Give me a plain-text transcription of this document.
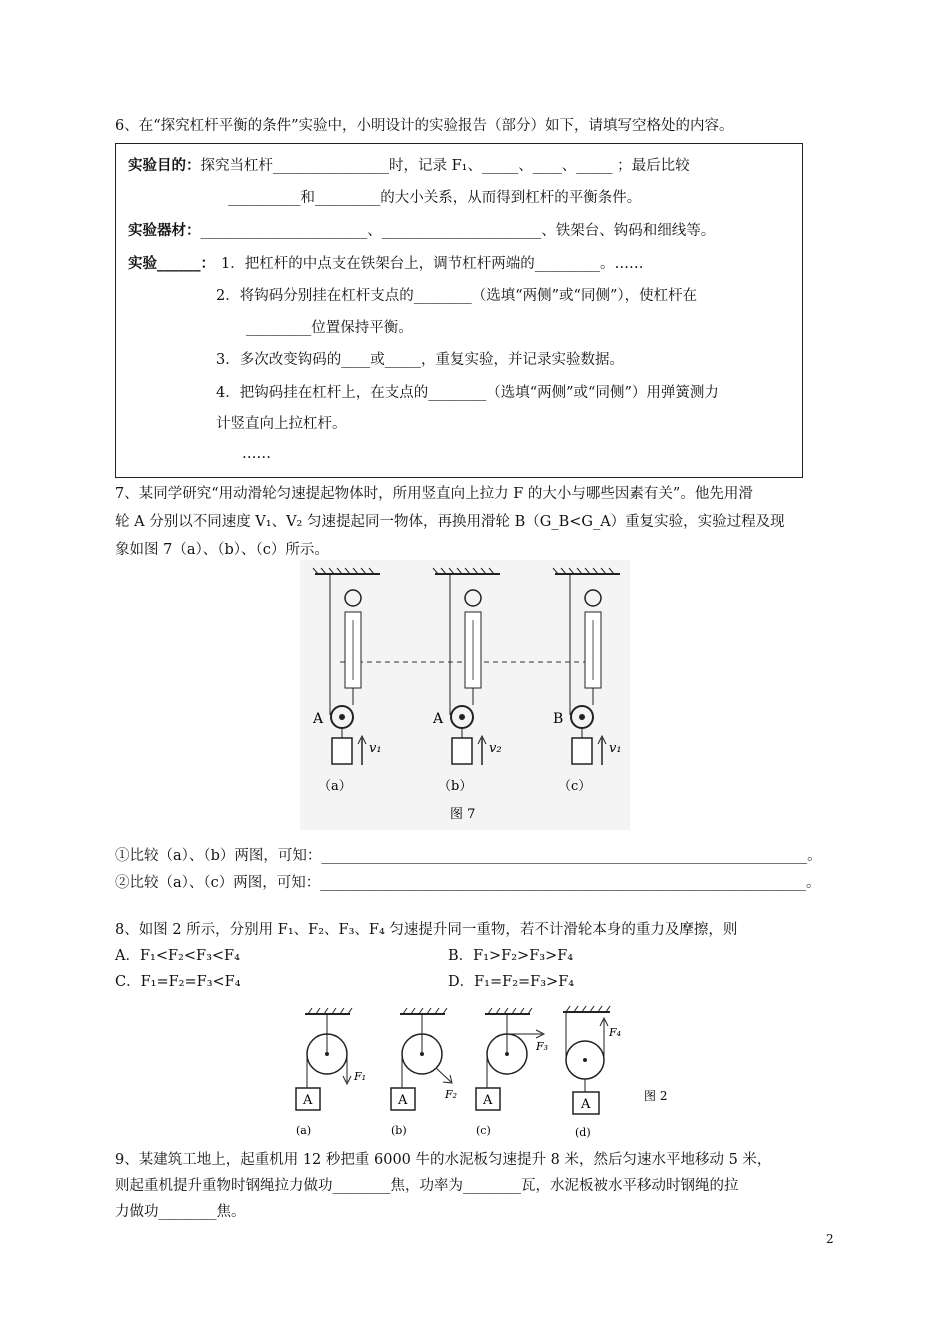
6、在“探究杠杆平衡的条件”实验中，小明设计的实验报告（部分）如下，请填写空格处的内容。
实验目的：探究当杠杆________________时，记录 F₁、_____、____、_____ ；最后比较
__________和_________的大小关系，从而得到杠杆的平衡条件。
实验器材：_______________________、______________________、铁架台、钩码和细线等。
实验______： 1．把杠杆的中点支在铁架台上，调节杠杆两端的_________。……
2．将钩码分别挂在杠杆支点的________（选填“两侧”或“同侧”），使杠杆在
_________位置保持平衡。
3．多次改变钩码的____或_____，重复实验，并记录实验数据。
4．把钩码挂在杠杆上，在支点的________（选填“两侧”或“同侧”）用弹簧测力
计竖直向上拉杠杆。
……
7、某同学研究“用动滑轮匀速提起物体时，所用竖直向上拉力 F 的大小与哪些因素有关”。他先用滑
轮 A 分别以不同速度 V₁、V₂ 匀速提起同一物体，再换用滑轮 B（G_B<G_A）重复实验，实验过程及现
象如图 7（a）、（b）、（c）所示。
A
v₁
（a）
A
v₂
（b）
B
v₁
（c）
图 7
①比较（a）、（b）两图，可知：___________________________________________________________________。
②比较（a）、（c）两图，可知：___________________________________________________________________。
8、如图 2 所示，分别用 F₁、F₂、F₃、F₄ 匀速提升同一重物，若不计滑轮本身的重力及摩擦，则
A．F₁<F₂<F₃<F₄	B．F₁>F₂>F₃>F₄
C．F₁=F₂=F₃<F₄	D．F₁=F₂=F₃>F₄
A
F₁
(a)
A	F₂
(b)
A
F₃
(c)
A
F₄
(d)
图 2
9、某建筑工地上，起重机用 12 秒把重 6000 牛的水泥板匀速提升 8 米，然后匀速水平地移动 5 米，
则起重机提升重物时钢绳拉力做功________焦，功率为________瓦，水泥板被水平移动时钢绳的拉
力做功________焦。
2
